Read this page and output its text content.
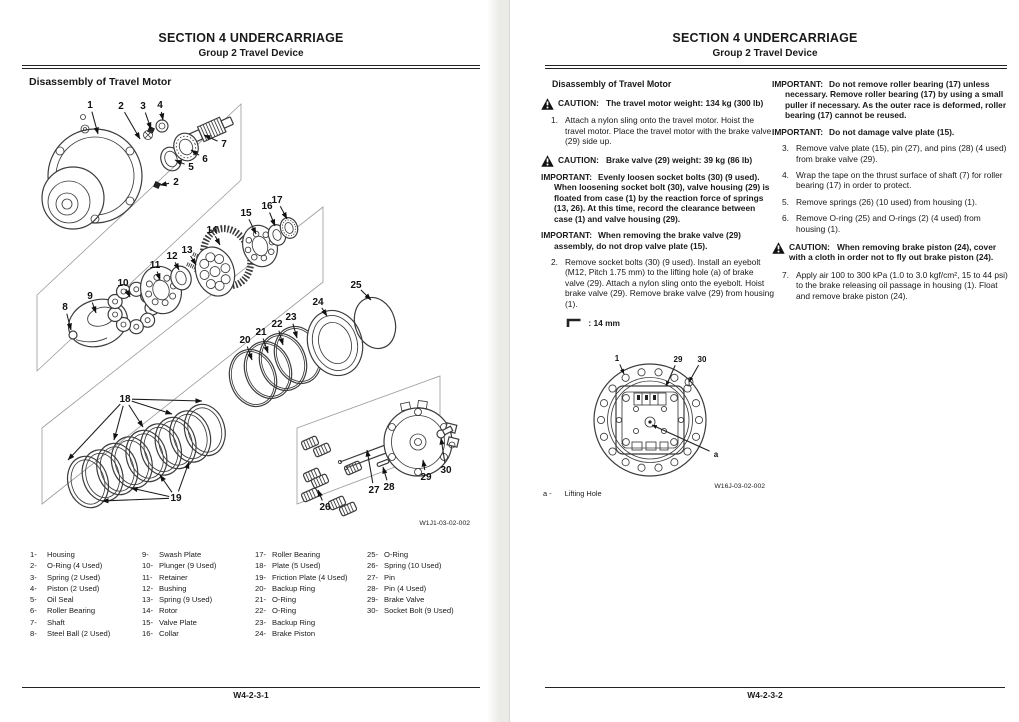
SECTION 4 UNDERCARRIAGE
Group 2 Travel Device
Disassembly of Travel Motor
W1J1-03-02-002
1	2 3 4
7
6
5
2
17
16
15
14
13
12
11
10
9
8
25
24
23
22
21
20
18
19
26
27 28
29
30
1- Housing
2- O-Ring (4 Used)
3- Spring (2 Used)
4- Piston (2 Used)
5- Oil Seal
6- Roller Bearing
7- Shaft
8- Steel Ball (2 Used)
9- Swash Plate
10- Plunger (9 Used)
11- Retainer
12- Bushing
13- Spring (9 Used)
14- Rotor
15- Valve Plate
16- Collar
17- Roller Bearing
18- Plate (5 Used)
19- Friction Plate (4 Used)
20- Backup Ring
21- O-Ring
22- O-Ring
23- Backup Ring
24- Brake Piston
25- O-Ring
26- Spring (10 Used)
27- Pin
28- Pin (4 Used)
29- Brake Valve
30- Socket Bolt (9 Used)
W4-2-3-1
SECTION 4 UNDERCARRIAGE
Group 2 Travel Device
Disassembly of Travel Motor
CAUTION: The travel motor weight: 134 kg (300 lb)
1. Attach a nylon sling onto the travel motor. Hoist the travel motor. Place the travel motor with the brake valve (29) side up.
CAUTION: Brake valve (29) weight: 39 kg (86 lb)
IMPORTANT: Evenly loosen socket bolts (30) (9 used). When loosening socket bolt (30), valve housing (29) is floated from case (1) by the reaction force of springs (13, 26). At this time, record the clearance between case (1) and valve housing (29).
IMPORTANT: When removing the brake valve (29) assembly, do not drop valve plate (15).
2. Remove socket bolts (30) (9 used). Install an eyebolt (M12, Pitch 1.75 mm) to the lifting hole (a) of brake valve (29). Attach a nylon sling onto the eyebolt. Hoist brake valve (29). Remove brake valve (29) from housing (1).
: 14 mm
IMPORTANT: Do not remove roller bearing (17) unless necessary. Remove roller bearing (17) by using a small puller if necessary. As the outer race is deformed, roller bearing (17) cannot be reused.
IMPORTANT: Do not damage valve plate (15).
3. Remove valve plate (15), pin (27), and pins (28) (4 used) from brake valve (29).
4. Wrap the tape on the thrust surface of shaft (7) for roller bearing (17) in order to protect.
5. Remove springs (26) (10 used) from housing (1).
6. Remove O-ring (25) and O-rings (2) (4 used) from housing (1).
CAUTION: When removing brake piston (24), cover with a cloth in order not to fly out brake piston (24).
7. Apply air 100 to 300 kPa (1.0 to 3.0 kgf/cm², 15 to 44 psi) to the brake releasing oil passage in housing (1). Float and remove brake piston (24).
W16J-03-02-002
1	29 30
a
a - Lifting Hole
W4-2-3-2
